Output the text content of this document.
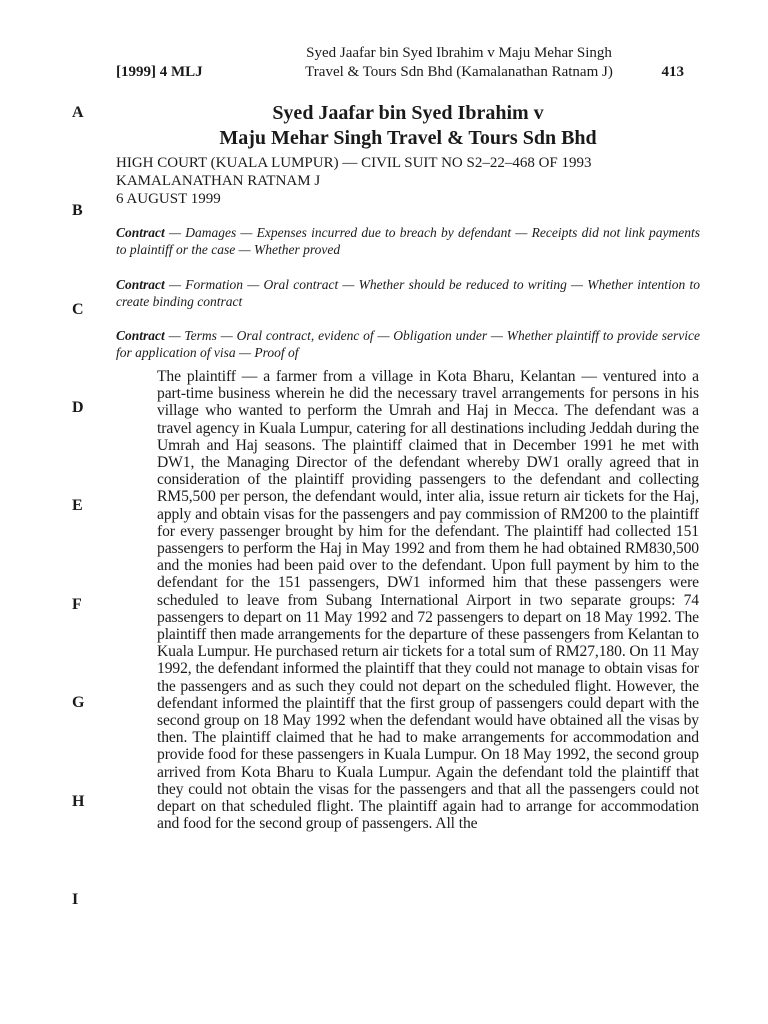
[1999] 4 MLJ
Syed Jaafar bin Syed Ibrahim v Maju Mehar Singh
Travel & Tours Sdn Bhd (Kamalanathan Ratnam J)	413
A
B
C
D
E
F
G
H
I
Syed Jaafar bin Syed Ibrahim v
Maju Mehar Singh Travel & Tours Sdn Bhd
HIGH COURT (KUALA LUMPUR) — CIVIL SUIT NO S2–22–468 OF 1993
KAMALANATHAN RATNAM J
6 AUGUST 1999
Contract — Damages — Expenses incurred due to breach by defendant — Receipts did not link payments to plaintiff or the case — Whether proved
Contract — Formation — Oral contract — Whether should be reduced to writing — Whether intention to create binding contract
Contract — Terms — Oral contract, evidenc of — Obligation under — Whether plaintiff to provide service for application of visa — Proof of

The plaintiff — a farmer from a village in Kota Bharu, Kelantan — ventured into a part-time business wherein he did the necessary travel arrangements for persons in his village who wanted to perform the Umrah and Haj in Mecca. The defendant was a travel agency in Kuala Lumpur, catering for all destinations including Jeddah during the Umrah and Haj seasons. The plaintiff claimed that in December 1991 he met with DW1, the Managing Director of the defendant whereby DW1 orally agreed that in consideration of the plaintiff providing passengers to the defendant and collecting RM5,500 per person, the defendant would, inter alia, issue return air tickets for the Haj, apply and obtain visas for the passengers and pay commission of RM200 to the plaintiff for every passenger brought by him for the defendant. The plaintiff had collected 151 passengers to perform the Haj in May 1992 and from them he had obtained RM830,500 and the monies had been paid over to the defendant. Upon full payment by him to the defendant for the 151 passengers, DW1 informed him that these passengers were scheduled to leave from Subang International Airport in two separate groups: 74 passengers to depart on 11 May 1992 and 72 passengers to depart on 18 May 1992. The plaintiff then made arrangements for the departure of these passengers from Kelantan to Kuala Lumpur. He purchased return air tickets for a total sum of RM27,180. On 11 May 1992, the defendant informed the plaintiff that they could not manage to obtain visas for the passengers and as such they could not depart on the scheduled flight. However, the defendant informed the plaintiff that the first group of passengers could depart with the second group on 18 May 1992 when the defendant would have obtained all the visas by then. The plaintiff claimed that he had to make arrangements for accommodation and provide food for these passengers in Kuala Lumpur. On 18 May 1992, the second group arrived from Kota Bharu to Kuala Lumpur. Again the defendant told the plaintiff that they could not obtain the visas for the passengers and that all the passengers could not depart on that scheduled flight. The plaintiff again had to arrange for accommodation and food for the second group of passengers. All the
